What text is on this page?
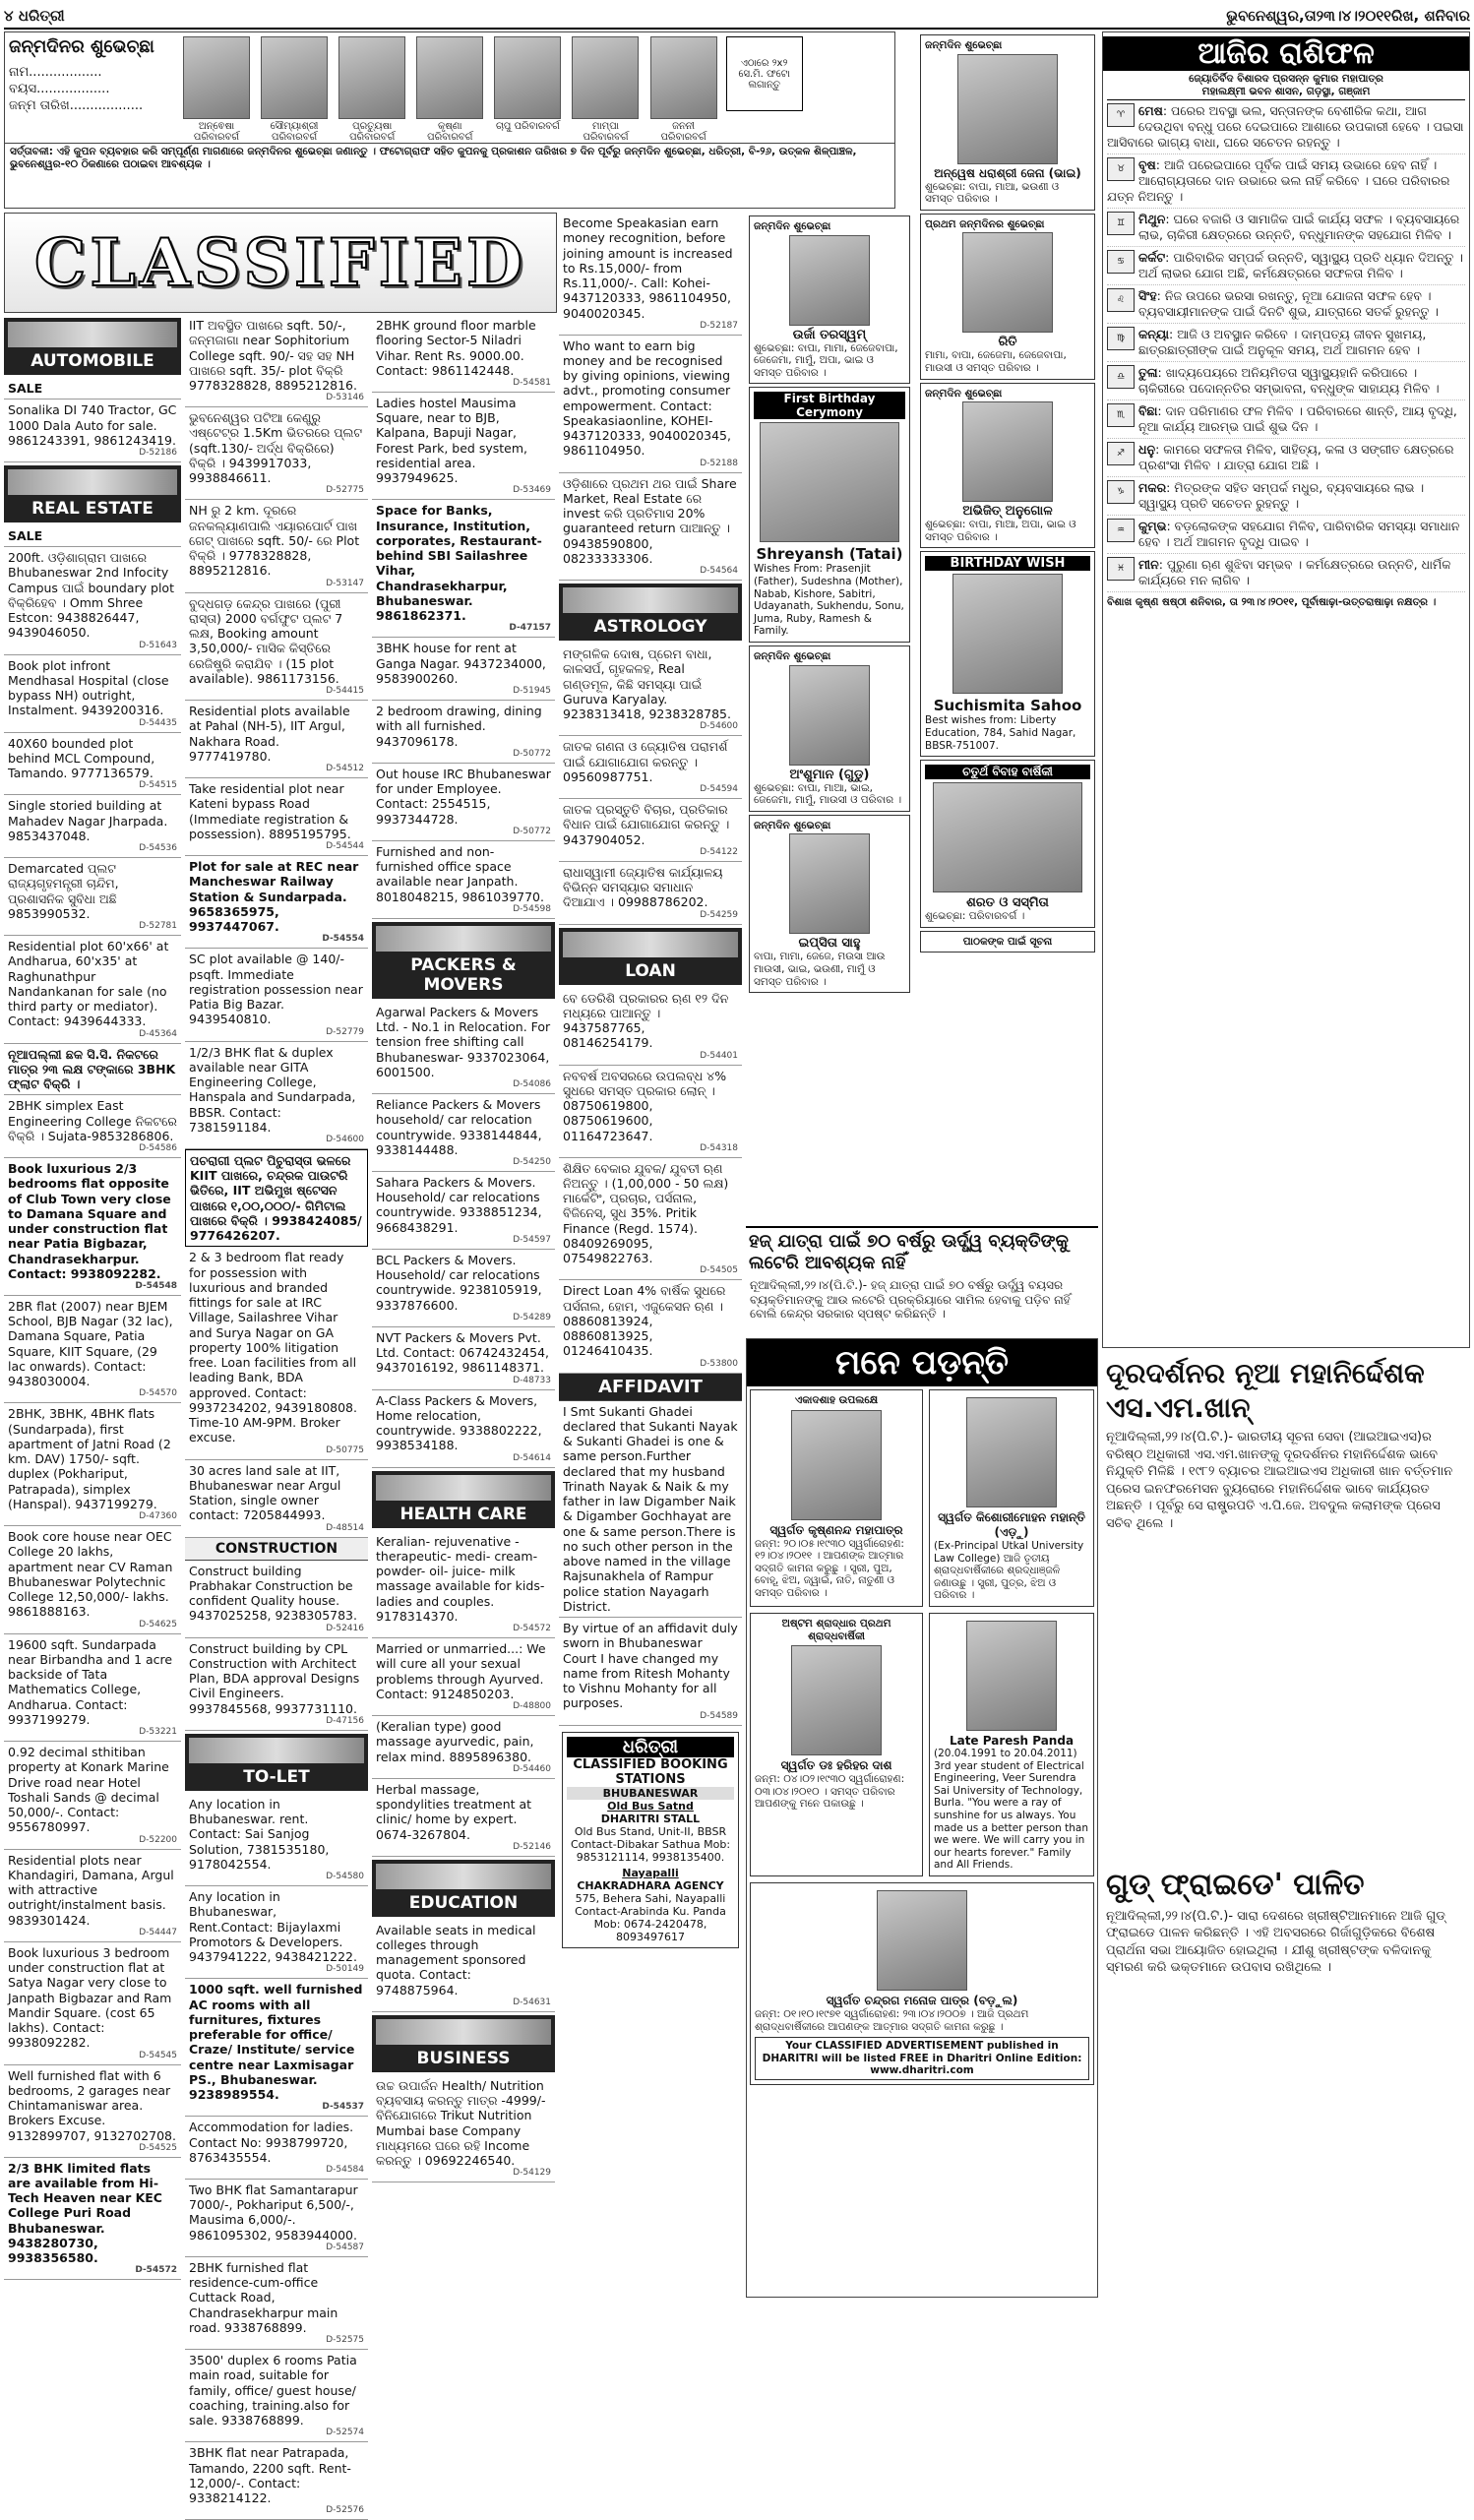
୪ ଧରିତ୍ରୀ	ଭୁବନେଶ୍ୱର,ତା୨୩।୪।୨୦୧୧ରିଖ, ଶନିବାର
ଜନ୍ମଦିନର ଶୁଭେଚ୍ଛା
ନାମ..................
ବୟସ..................
ଜନ୍ମ ତାରିଖ..................
ଅନ୍ଵେଷା ପରିବାରବର୍ଗ
ସୌମ୍ୟାଶ୍ରୀ ପରିବାରବର୍ଗ
ପ୍ରତ୍ୟୁଷା ପରିବାରବର୍ଗ
କୃଷ୍ଣା ପରିବାରବର୍ଗ
ଚାପୁ ପରିବାରବର୍ଗ	ମାମ୍ପା ପରିବାରବର୍ଗ
ଜନନୀ ପରିବାରବର୍ଗ
ଏଠାରେ ୨x୨ ସେ.ମି. ଫଟୋ ଲଗାନ୍ତୁ
ସର୍ତ୍ତାବଳୀ: ଏହି କୁପନ ବ୍ୟବହାର କରି ସମ୍ପୂର୍ଣ୍ଣ ମାଗଣାରେ ଜନ୍ମଦିନର ଶୁଭେଚ୍ଛା ଜଣାନ୍ତୁ । ଫଟୋଗ୍ରାଫ ସହିତ କୁପନକୁ ପ୍ରକାଶନ ତାରିଖର ୭ ଦିନ ପୂର୍ବରୁ ଜନ୍ମଦିନ ଶୁଭେଚ୍ଛା, ଧରିତ୍ରୀ, ବି-୨୬, ଉତ୍କଳ ଶିଳ୍ପାଞ୍ଚଳ, ଭୁବନେଶ୍ୱର-୧୦ ଠିକଣାରେ ପଠାଇବା ଆବଶ୍ୟକ ।
CLASSIFIED
AUTOMOBILE
SALE
Sonalika DI 740 Tractor, GC 1000 Dala Auto for sale. 9861243391, 9861243419.
D-52186
REAL ESTATE
SALE
200ft. ଓଡ଼ିଶାଗ୍ରାମ ପାଖରେ Bhubaneswar 2nd Infocity Campus ପାଇଁ boundary plot ବିକ୍ରିହେବ । Omm Shree Estcon: 9438826447, 9439046050.
D-51643
Book plot infront Mendhasal Hospital (close bypass NH) outright, Instalment. 9439200316.
D-54435
40X60 bounded plot behind MCL Compound, Tamando. 9777136579.
D-54515
Single storied building at Mahadev Nagar Jharpada. 9853437048.
D-54536
Demarcated ପ୍ଲଟ ରାଜ୍ୟଗୃହମନ୍ତ୍ରୀ ଚାନ୍ଦିମ, ପ୍ରଶାସନିକ ସୁବିଧା ଅଛି 9853990532.
D-52781
Residential plot 60'x66' at Andharua, 60'x35' at Raghunathpur Nandankanan for sale (no third party or mediator). Contact: 9439644333.
D-45364
ନୂଆପଲ୍ଲୀ ଛକ ସି.ସି. ନିକଟରେ ମାତ୍ର ୨୩ ଲକ୍ଷ ଟଙ୍କାରେ 3BHK ଫ୍ଲାଟ ବିକ୍ରି ।
2BHK simplex East Engineering College ନିକଟରେ ବିକ୍ରି । Sujata-9853286806.
D-54586
Book luxurious 2/3 bedrooms flat opposite of Club Town very close to Damana Square and under construction flat near Patia Bigbazar, Chandrasekharpur. Contact: 9938092282.
D-54548
2BR flat (2007) near BJEM School, BJB Nagar (32 lac), Damana Square, Patia Square, KIIT Square, (29 lac onwards). Contact: 9438030004.
D-54570
2BHK, 3BHK, 4BHK flats (Sundarpada), first apartment of Jatni Road (2 km. DAV) 1750/- sqft. duplex (Pokhariput, Patrapada), simplex (Hanspal). 9437199279.
D-47360
Book core house near OEC College 20 lakhs, apartment near CV Raman Bhubaneswar Polytechnic College 12,50,000/- lakhs. 9861888163.
D-54625
19600 sqft. Sundarpada near Birbandha and 1 acre backside of Tata Mathematics College, Andharua. Contact: 9937199279.
D-53221
0.92 decimal sthitiban property at Konark Marine Drive road near Hotel Toshali Sands @ decimal 50,000/-. Contact: 9556780997.
D-52200
Residential plots near Khandagiri, Damana, Argul with attractive outright/instalment basis. 9839301424.
D-54447
Book luxurious 3 bedroom under construction flat at Satya Nagar very close to Janpath Bigbazar and Ram Mandir Square. (cost 65 lakhs). Contact: 9938092282.
D-54545
Well furnished flat with 6 bedrooms, 2 garages near Chintamaniswar area. Brokers Excuse. 9132899707, 9132702708.
D-54525
2/3 BHK limited flats are available from Hi-Tech Heaven near KEC College Puri Road Bhubaneswar. 9438280730, 9938356580.
D-54572
IIT ଅବସ୍ଥିତ ପାଖରେ sqft. 50/-, ଜନ୍ମଜାଗା near Sophitorium College sqft. 90/- ସହ ସହ NH ପାଖରେ sqft. 35/- plot ବିକ୍ରି 9778328828, 8895212816.
D-53146
ଭୁବନେଶ୍ୱର ପଟିଆ କେଣ୍ଡ୍ରୁ ଏଷ୍ଟେଟ୍ର 1.5Km ଭିତରରେ ପ୍ଲଟ (sqft.130/- ଅର୍ଦ୍ଧ ବିକ୍ରିରେ) ବିକ୍ରି । 9439917033, 9938846611.
D-52775
NH ରୁ 2 km. ଦୂରରେ ଜନକଲ୍ୟାଣପାଲି ଏୟାରପୋର୍ଟ ପାଖ ଗେଟ୍ ପାଖରେ sqft. 50/- ରେ Plot ବିକ୍ରି । 9778328828, 8895212816.
D-53147
ବୁଦ୍ଧଗଡ଼ କେନ୍ଦ୍ର ପାଖରେ (ପୁରୀ ରାସ୍ତା) 2000 ବର୍ଗଫୁଟ ପ୍ଲଟ 7 ଲକ୍ଷ, Booking amount 3,50,000/- ମାସିକ କିସ୍ତିରେ ରେଜିଷ୍ଟ୍ରି କରାଯିବ । (15 plot available). 9861173156.
D-54415
Residential plots available at Pahal (NH-5), IIT Argul, Nakhara Road. 9777419780.
D-54512
Take residential plot near Kateni bypass Road (Immediate registration & possession). 8895195795.
D-54544
Plot for sale at REC near Mancheswar Railway Station & Sundarpada. 9658365975, 9937447067.
D-54554
SC plot available @ 140/- psqft. Immediate registration possession near Patia Big Bazar. 9439540810.
D-52779
1/2/3 BHK flat & duplex available near GITA Engineering College, Hanspala and Sundarpada, BBSR. Contact: 7381591184.
D-54600
ପଚରାଗୀ ପ୍ଲଟ ପିଚୁରାସ୍ତା ଭଳରେ KIIT ପାଖରେ, ଚନ୍ଦ୍ରକ ପାଉଟରି ଭିତିରେ, IIT ଅଭିମୁଖ ଷ୍ଟେସନ ପାଖରେ ୧,୦୦,୦୦୦/- ଗିମିଟାଲ ପାଖରେ ବିକ୍ରି । 9938424085/ 9776426207.
2 & 3 bedroom flat ready for possession with luxurious and branded fittings for sale at IRC Village, Sailashree Vihar and Surya Nagar on GA property 100% litigation free. Loan facilities from all leading Bank, BDA approved. Contact: 9937234202, 9439180808. Time-10 AM-9PM. Broker excuse.
D-50775
30 acres land sale at IIT, Bhubaneswar near Argul Station, single owner contact: 7205844993.
D-48514
CONSTRUCTION
Construct building Prabhakar Construction be confident Quality house. 9437025258, 9238305783.
D-52416
Construct building by CPL Construction with Architect Plan, BDA approval Designs Civil Engineers. 9937845568, 9937731110.
D-47156
TO-LET
Any location in Bhubaneswar. rent. Contact: Sai Sanjog Solution, 7381535180, 9178042554.
D-54580
Any location in Bhubaneswar, Rent.Contact: Bijaylaxmi Promotors & Developers. 9437941222, 9438421222.
D-50149
1000 sqft. well furnished AC rooms with all furnitures, fixtures preferable for office/ Craze/ Institute/ service centre near Laxmisagar PS., Bhubaneswar. 9238989554.
D-54537
Accommodation for ladies. Contact No: 9938799720, 8763435554.
D-54584
Two BHK flat Samantarapur 7000/-, Pokhariput 6,500/-, Mausima 6,000/-. 9861095302, 9583944000.
D-54587
2BHK furnished flat residence-cum-office Cuttack Road, Chandrasekharpur main road. 9338768899.
D-52575
3500' duplex 6 rooms Patia main road, suitable for family, office/ guest house/ coaching, training.also for sale. 9338768899.
D-52574
3BHK flat near Patrapada, Tamando, 2200 sqft. Rent-12,000/-. Contact: 9338214122.
D-52576
2BHK ground floor marble flooring Sector-5 Niladri Vihar. Rent Rs. 9000.00. Contact: 9861142448.
D-54581
Ladies hostel Mausima Square, near to BJB, Kalpana, Bapuji Nagar, Forest Park, bed system, residential area. 9937949625.
D-53469
Space for Banks, Insurance, Institution, corporates, Restaurant-behind SBI Sailashree Vihar, Chandrasekharpur, Bhubaneswar. 9861862371.
D-47157
3BHK house for rent at Ganga Nagar. 9437234000, 9583900260.
D-51945
2 bedroom drawing, dining with all furnished. 9437096178.
D-50772
Out house IRC Bhubaneswar for under Employee. Contact: 2554515, 9937344728.
D-50772
Furnished and non-furnished office space available near Janpath. 8018048215, 9861039770.
D-54598
PACKERS & MOVERS
Agarwal Packers & Movers Ltd. - No.1 in Relocation. For tension free shifting call Bhubaneswar- 9337023064, 6001500.
D-54086
Reliance Packers & Movers household/ car relocation countrywide. 9338144844, 9338144488.
D-54250
Sahara Packers & Movers. Household/ car relocations countrywide. 9338851234, 9668438291.
D-54597
BCL Packers & Movers. Household/ car relocations countrywide. 9238105919, 9337876600.
D-54289
NVT Packers & Movers Pvt. Ltd. Contact: 06742432454, 9437016192, 9861148371.
D-48733
A-Class Packers & Movers, Home relocation, countrywide. 9338802222, 9938534188.
D-54614
HEALTH CARE
Keralian- rejuvenative - therapeutic- medi- cream- powder- oil- juice- milk massage available for kids- ladies and couples. 9178314370.
D-54572
Married or unmarried...: We will cure all your sexual problems through Ayurved. Contact: 9124850203.
D-48800
(Keralian type) good massage ayurvedic, pain, relax mind. 8895896380.
D-54460
Herbal massage, spondylities treatment at clinic/ home by expert. 0674-3267804.
D-52146
EDUCATION
Available seats in medical colleges through management sponsored quota. Contact: 9748875964.
D-54631
BUSINESS
ଉଚ୍ଚ ଉପାର୍ଜନ Health/ Nutrition ବ୍ୟବସାୟ କରନ୍ତୁ ମାତ୍ର -4999/- ବିନିଯୋଗରେ Trikut Nutrition Mumbai base Company ମାଧ୍ୟମରେ ଘରେ ରହି Income କରନ୍ତୁ । 09692246540.
D-54129
Become Speakasian earn money recognition, before joining amount is increased to Rs.15,000/- from Rs.11,000/-. Call: Kohei-9437120333, 9861104950, 9040020345.
D-52187
Who want to earn big money and be recognised by giving opinions, viewing advt., promoting consumer empowerment. Contact: Speakasiaonline, KOHEI- 9437120333, 9040020345, 9861104950.
D-52188
ଓଡ଼ିଶାରେ ପ୍ରଥମ ଥର ପାଇଁ Share Market, Real Estate ରେ invest କରି ପ୍ରତିମାସ 20% guaranteed return ପାଆନ୍ତୁ । 09438590800, 08233333306.
D-54564
ASTROLOGY
ମଙ୍ଗଳିକ ଦୋଷ, ପ୍ରେମ ବାଧା, କାଳସର୍ପ, ଗୃହକଳହ, Real ଗଣ୍ଡମୂଳ, କିଛି ସମସ୍ୟା ପାଇଁ Guruva Karyalay. 9238313418, 9238328785.
D-54600
ଜାତକ ଗଣନା ଓ ଜ୍ୟୋତିଷ ପରାମର୍ଶ ପାଇଁ ଯୋଗାଯୋଗ କରନ୍ତୁ । 09560987751.
D-54594
ଜାତକ ପ୍ରସ୍ତୁତି ବିଚାର, ପ୍ରତିକାର ବିଧାନ ପାଇଁ ଯୋଗାଯୋଗ କରନ୍ତୁ । 9437904052.
D-54122
ରାଧାସ୍ୱାମୀ ଜ୍ୟୋତିଷ କାର୍ଯ୍ୟାଳୟ ବିଭିନ୍ନ ସମସ୍ୟାର ସମାଧାନ ଦିଆଯାଏ । 09988786202.
D-54259
LOAN
ବେ ଡେରିଶି ପ୍ରକାରର ଋଣ ୧୨ ଦିନ ମଧ୍ୟରେ ପାଆନ୍ତୁ । 9437587765, 08146254179.
D-54401
ନବବର୍ଷ ଅବସରରେ ଉପଲବ୍ଧ ୪% ସୁଧରେ ସମସ୍ତ ପ୍ରକାର ଲୋନ୍ । 08750619800, 08750619600, 01164723647.
D-54318
ଶିକ୍ଷିତ ବେକାର ଯୁବକ/ ଯୁବତୀ ଋଣ ନିଅନ୍ତୁ । (1,00,000 - 50 ଲକ୍ଷ) ମାର୍କେଟିଂ, ପ୍ରଚାର, ପର୍ସନାଲ, ବିଜିନେସ୍, ସୁଧ 35%. Pritik Finance (Regd. 1574). 08409269095, 07549822763.
D-54505
Direct Loan 4% ବାର୍ଷିକ ସୁଧରେ ପର୍ସନାଲ, ହୋମ, ଏଜୁକେସନ ଋଣ । 08860813924, 08860813925, 01246410435.
D-53800
AFFIDAVIT
I Smt Sukanti Ghadei declared that Sukanti Nayak & Sukanti Ghadei is one & same person.Further declared that my husband Trinath Nayak & Naik & my father in law Digamber Naik & Digamber Gochhayat are one & same person.There is no such other person in the above named in the village Rajsunakhela of Rampur police station Nayagarh District.
By virtue of an affidavit duly sworn in Bhubaneswar Court I have changed my name from Ritesh Mohanty to Vishnu Mohanty for all purposes.
D-54589
ଧରିତ୍ରୀ
CLASSIFIED BOOKING STATIONS
BHUBANESWAR
Old Bus Satnd
DHARITRI STALL
Old Bus Stand, Unit-II, BBSR Contact-Dibakar Sathua Mob: 9853121114, 9938135400.
Nayapalli
CHAKRADHARA AGENCY
575, Behera Sahi, Nayapalli Contact-Arabinda Ku. Panda Mob: 0674-2420478, 8093497617
ଜନ୍ମଦିନ ଶୁଭେଚ୍ଛା
ଉର୍ଜା ତରସ୍ୱମ୍
ଶୁଭେଚ୍ଛା: ବାପା, ମାମା, ଜେଜେବାପା, ଜେଜେମା, ମାମୁଁ, ଅପା, ଭାଇ ଓ ସମସ୍ତ ପରିବାର ।
First Birthday Cerymony
Shreyansh (Tatai)
Wishes From: Prasenjit (Father), Sudeshna (Mother), Nabab, Kishore, Sabitri, Udayanath, Sukhendu, Sonu, Juma, Ruby, Ramesh & Family.
ଜନ୍ମଦିନ ଶୁଭେଚ୍ଛା
ଅଂଶୁମାନ (ଗୁଡୁ)
ଶୁଭେଚ୍ଛା: ବାପା, ମାଆ, ଭାଇ, ଜେଜେମା, ମାମୁଁ, ମାଉସୀ ଓ ପରିବାର ।
ଜନ୍ମଦିନ ଶୁଭେଚ୍ଛା
ଇପ୍ସିତା ସାହୁ
ବାପା, ମାମା, ଜେଜେ, ମଉସା ଆଉ ମାଉସୀ, ଭାଇ, ଭଉଣୀ, ମାମୁଁ ଓ ସମସ୍ତ ପରିବାର ।
ଜନ୍ମଦିନ ଶୁଭେଚ୍ଛା
ଅନ୍ୱେଷ ଧରାଶ୍ରୀ ଜେନା (ଭାଇ)
ଶୁଭେଚ୍ଛା: ବାପା, ମାଆ, ଭଉଣୀ ଓ ସମସ୍ତ ପରିବାର ।
ପ୍ରଥମ ଜନ୍ମଦିନର ଶୁଭେଚ୍ଛା
ରିତି
ମାମା, ବାପା, ଜେଜେମା, ଜେଜେବାପା, ମାଉସୀ ଓ ସମସ୍ତ ପରିବାର ।
ଜନ୍ମଦିନ ଶୁଭେଚ୍ଛା
ଅଭିଜିତ୍ ଅନୁଗୋଳ
ଶୁଭେଚ୍ଛା: ବାପା, ମାଆ, ଅପା, ଭାଇ ଓ ସମସ୍ତ ପରିବାର ।
BIRTHDAY WISH
Suchismita Sahoo
Best wishes from: Liberty Education, 784, Sahid Nagar, BBSR-751007.
ଚତୁର୍ଥ ବିବାହ ବାର୍ଷିକୀ
ଶରତ ଓ ସସ୍ମିତା
ଶୁଭେଚ୍ଛା: ପରିବାରବର୍ଗ ।
ପାଠକଙ୍କ ପାଇଁ ସୂଚନା
ହଜ୍ ଯାତ୍ରା ପାଇଁ ୭୦ ବର୍ଷରୁ ଊର୍ଦ୍ଧ୍ୱ ବ୍ୟକ୍ତିଙ୍କୁ ଲଟେରି ଆବଶ୍ୟକ ନାହିଁ
ନୂଆଦିଲ୍ଲୀ,୨୨।୪(ପି.ଟି.)- ହଜ୍ ଯାତ୍ରା ପାଇଁ ୭୦ ବର୍ଷରୁ ଊର୍ଦ୍ଧ୍ୱ ବୟସର ବ୍ୟକ୍ତିମାନଙ୍କୁ ଆଉ ଲଟେରି ପ୍ରକ୍ରିୟାରେ ସାମିଲ ହେବାକୁ ପଡ଼ିବ ନାହିଁ ବୋଲି କେନ୍ଦ୍ର ସରକାର ସ୍ପଷ୍ଟ କରିଛନ୍ତି ।
ମନେ ପଡ଼ନ୍ତି
ଏକାଦଶାହ ଉପଲକ୍ଷେ
ସ୍ୱର୍ଗତ କୃଷ୍ଣନନ୍ଦ ମହାପାତ୍ର
ଜନ୍ମ: ୨୦।୦୫।୧୯୩୦ ସ୍ୱର୍ଗାରୋହଣ: ୧୨।୦୪।୨୦୧୧ । ଆପଣଙ୍କ ଆତ୍ମାର ସଦ୍‌ଗତି କାମନା କରୁଛୁ । ସ୍ତ୍ରୀ, ପୁଅ, ବୋହୂ, ଝିଅ, ଜ୍ୱାଇଁ, ନାତି, ନାତୁଣୀ ଓ ସମସ୍ତ ପରିବାର ।
ସ୍ୱର୍ଗତ କିଶୋରୀମୋହନ ମହାନ୍ତି (ଏଡ଼ୁ)
(Ex-Principal Utkal University Law College) ଆଜି ତୃତୀୟ ଶ୍ରାଦ୍ଧବାର୍ଷିକୀରେ ଶ୍ରଦ୍ଧାଞ୍ଜଳି ଜଣାଉଛୁ । ସ୍ତ୍ରୀ, ପୁତ୍ର, ଝିଅ ଓ ପରିବାର ।
ଅଷ୍ଟମ ଶ୍ରାଦ୍ଧାର ପ୍ରଥମ ଶ୍ରାଦ୍ଧବାର୍ଷିକୀ
ସ୍ୱର୍ଗତ ଡଃ ହରିହର ଦାଶ
ଜନ୍ମ: ୦୪।୦୨।୧୯୩୦ ସ୍ୱର୍ଗାରୋହଣ: ୦୩।୦୪।୨୦୧୦ । ସମସ୍ତ ପରିବାର ଆପଣଙ୍କୁ ମନେ ପକାଉଛୁ ।
Late Paresh Panda
(20.04.1991 to 20.04.2011) 3rd year student of Electrical Engineering, Veer Surendra Sai University of Technology, Burla. "You were a ray of sunshine for us always. You made us a better person than we were. We will carry you in our hearts forever." Family and All Friends.
ସ୍ୱର୍ଗତ ଚନ୍ଦ୍ରଗ ମନୋଜ ପାତ୍ର (ବଡ଼ୁଲ)
ଜନ୍ମ: ୦୧।୧୦।୧୯୭୧ ସ୍ୱର୍ଗାରୋହଣ: ୨୩।୦୪।୨୦୦୭ । ଆଜି ପ୍ରଥମ ଶ୍ରାଦ୍ଧବାର୍ଷିକୀରେ ଆପଣଙ୍କ ଆତ୍ମାର ସଦ୍‌ଗତି କାମନା କରୁଛୁ ।
Your CLASSIFIED ADVERTISEMENT published in DHARITRI will be listed FREE in Dharitri Online Edition: www.dharitri.com
ଆଜିର ରାଶିଫଳ
ଜ୍ୟୋତିର୍ବିଦ ବିଶାରଦ ପ୍ରସନ୍ନ କୁମାର ମହାପାତ୍ର
ମହାଲକ୍ଷ୍ମୀ ଭବନ ଶାସନ, ଗଡ଼ସ୍ଥା, ଗଞ୍ଜାମ

♈	ମେଷ: ପରେର ଅବସ୍ଥା ଭଲ, ସନ୍ତାନଙ୍କ ବେଶୀରିକ କଥା, ଆଗ ଦେଉଥିବା ବନ୍ଧୁ ପରେ ଦେଇପାରେ ଆଶାରେ ଉପକାରୀ ହେବେ । ପଇସା ଆସିବାରେ ଭାଗ୍ୟ ବାଧା, ଘରେ ସଚେତନ ରହନ୍ତୁ ।

♉	ବୃଷ: ଆଜି ପରେଇପାରେ ପୂର୍ବିକ ପାଇଁ ସମୟ ଉଭାରେ ହେବ ନାହିଁ । ଆରୋଗ୍ୟତାରେ ଦାନ ଉଭାରେ ଭଲ ନାହିଁ କରିବେ । ଘରେ ପରିବାରର ଯତ୍ନ ନିଅନ୍ତୁ ।

♊	ମିଥୁନ: ଘରେ ବଜାରି ଓ ସାମାଜିକ ପାଇଁ କାର୍ଯ୍ୟ ସଫଳ । ବ୍ୟବସାୟରେ ଲାଭ, ଚାକିରୀ କ୍ଷେତ୍ରରେ ଉନ୍ନତି, ବନ୍ଧୁମାନଙ୍କ ସହଯୋଗ ମିଳିବ ।

♋	କର୍କଟ: ପାରିବାରିକ ସମ୍ପର୍କ ଉନ୍ନତି, ସ୍ୱାସ୍ଥ୍ୟ ପ୍ରତି ଧ୍ୟାନ ଦିଅନ୍ତୁ । ଅର୍ଥ ଲାଭର ଯୋଗ ଅଛି, କର୍ମକ୍ଷେତ୍ରରେ ସଫଳତା ମିଳିବ ।

♌	ସିଂହ: ନିଜ ଉପରେ ଭରସା ରଖନ୍ତୁ, ନୂଆ ଯୋଜନା ସଫଳ ହେବ । ବ୍ୟବସାୟୀମାନଙ୍କ ପାଇଁ ଦିନଟି ଶୁଭ, ଯାତ୍ରାରେ ସତର୍କ ରୁହନ୍ତୁ ।

♍	କନ୍ୟା: ଆଜି ଓ ଅବସ୍ଥାନ କରିବେ । ଦାମ୍ପତ୍ୟ ଜୀବନ ସୁଖମୟ, ଛାତ୍ରଛାତ୍ରୀଙ୍କ ପାଇଁ ଅନୁକୂଳ ସମୟ, ଅର୍ଥ ଆଗମନ ହେବ ।

♎	ତୁଳା: ଖାଦ୍ୟପେୟରେ ଅନିୟମିତତା ସ୍ୱାସ୍ଥ୍ୟହାନି କରିପାରେ । ଚାକିରୀରେ ପଦୋନ୍ନତିର ସମ୍ଭାବନା, ବନ୍ଧୁଙ୍କ ସାହାଯ୍ୟ ମିଳିବ ।

♏	ବିଛା: ଦାନ ପରିମାଣର ଫଳ ମିଳିବ । ପରିବାରରେ ଶାନ୍ତି, ଆୟ ବୃଦ୍ଧି, ନୂଆ କାର୍ଯ୍ୟ ଆରମ୍ଭ ପାଇଁ ଶୁଭ ଦିନ ।

♐	ଧନୁ: କାମରେ ସଫଳତା ମିଳିବ, ସାହିତ୍ୟ, କଳା ଓ ସଙ୍ଗୀତ କ୍ଷେତ୍ରରେ ପ୍ରଶଂସା ମିଳିବ । ଯାତ୍ରା ଯୋଗ ଅଛି ।

♑	ମକର: ମିତ୍ରଙ୍କ ସହିତ ସମ୍ପର୍କ ମଧୁର, ବ୍ୟବସାୟରେ ଲାଭ । ସ୍ୱାସ୍ଥ୍ୟ ପ୍ରତି ସଚେତନ ରୁହନ୍ତୁ ।

♒	କୁମ୍ଭ: ବଡ଼ଲୋକଙ୍କ ସହଯୋଗ ମିଳିବ, ପାରିବାରିକ ସମସ୍ୟା ସମାଧାନ ହେବ । ଅର୍ଥ ଆଗମନ ବୃଦ୍ଧି ପାଇବ ।

♓	ମୀନ: ପୁରୁଣା ଋଣ ଶୁଝିବା ସମ୍ଭବ । କର୍ମକ୍ଷେତ୍ରରେ ଉନ୍ନତି, ଧାର୍ମିକ କାର୍ଯ୍ୟରେ ମନ ଲାଗିବ ।

ବିଶାଖ କୃଷ୍ଣ ଷଷ୍ଠୀ ଶନିବାର, ତା ୨୩।୪।୨୦୧୧, ପୂର୍ବାଷାଢ଼ା-ଉତ୍ତରାଷାଢ଼ା ନକ୍ଷତ୍ର ।
ଦୂରଦର୍ଶନର ନୂଆ ମହାନିର୍ଦ୍ଦେଶକ ଏସ.ଏମ.ଖାନ୍
ନୂଆଦିଲ୍ଲୀ,୨୨।୪(ପି.ଟି.)- ଭାରତୀୟ ସୂଚନା ସେବା (ଆଇଆଇଏସ)ର ବରିଷ୍ଠ ଅଧିକାରୀ ଏସ.ଏମ.ଖାନଙ୍କୁ ଦୂରଦର୍ଶନର ମହାନିର୍ଦ୍ଦେଶକ ଭାବେ ନିଯୁକ୍ତି ମିଳିଛି । ୧୯୮୨ ବ୍ୟାଚର ଆଇଆଇଏସ ଅଧିକାରୀ ଖାନ ବର୍ତ୍ତମାନ ପ୍ରେସ ଇନଫରମେସନ ବ୍ୟୁରୋରେ ମହାନିର୍ଦ୍ଦେଶକ ଭାବେ କାର୍ଯ୍ୟରତ ଅଛନ୍ତି । ପୂର୍ବରୁ ସେ ରାଷ୍ଟ୍ରପତି ଏ.ପି.ଜେ. ଅବଦୁଲ କଲାମଙ୍କ ପ୍ରେସ ସଚିବ ଥିଲେ ।
ଗୁଡ୍ ଫ୍ରାଇଡେ' ପାଳିତ
ନୂଆଦିଲ୍ଲୀ,୨୨।୪(ପି.ଟି.)- ସାରା ଦେଶରେ ଖ୍ରୀଷ୍ଟିଆନମାନେ ଆଜି ଗୁଡ୍ ଫ୍ରାଇଡେ ପାଳନ କରିଛନ୍ତି । ଏହି ଅବସରରେ ଗିର୍ଜାଗୁଡ଼ିକରେ ବିଶେଷ ପ୍ରାର୍ଥନା ସଭା ଆୟୋଜିତ ହୋଇଥିଲା । ଯୀଶୁ ଖ୍ରୀଷ୍ଟଙ୍କ ବଳିଦାନକୁ ସ୍ମରଣ କରି ଭକ୍ତମାନେ ଉପବାସ ରଖିଥିଲେ ।
